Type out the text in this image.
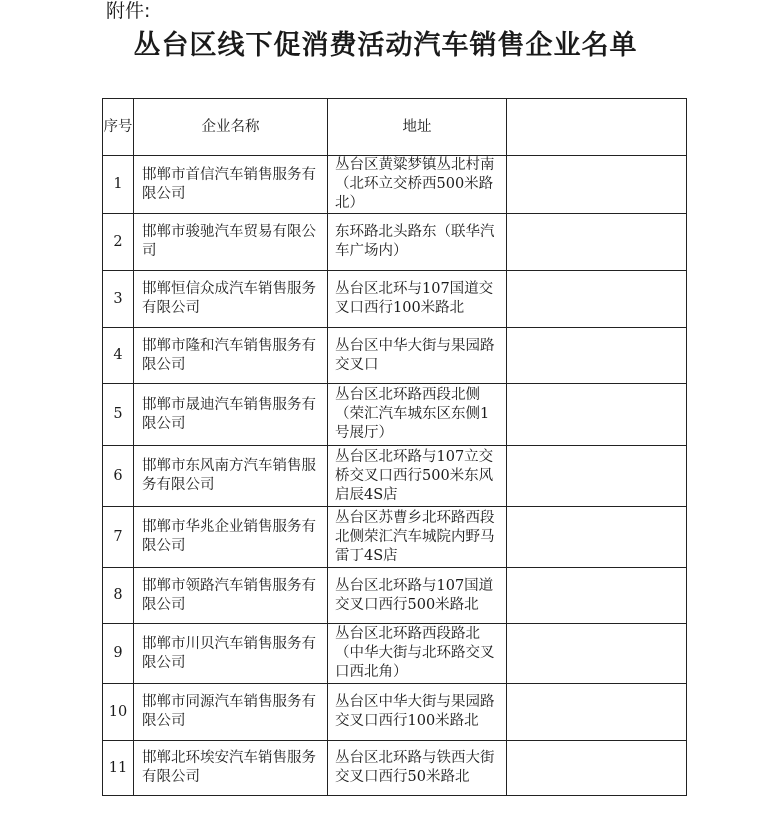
附件:
丛台区线下促消费活动汽车销售企业名单
序号	企业名称	地址	
1	邯郸市首信汽车销售服务有限公司	丛台区黄粱梦镇丛北村南（北环立交桥西500米路北）	
2	邯郸市骏驰汽车贸易有限公司	东环路北头路东（联华汽车广场内）	
3	邯郸恒信众成汽车销售服务有限公司	丛台区北环与107国道交叉口西行100米路北	
4	邯郸市隆和汽车销售服务有限公司	丛台区中华大街与果园路交叉口	
5	邯郸市晟迪汽车销售服务有限公司	丛台区北环路西段北侧（荣汇汽车城东区东侧1号展厅）	
6	邯郸市东风南方汽车销售服务有限公司	丛台区北环路与107立交桥交叉口西行500米东风启辰4S店	
7	邯郸市华兆企业销售服务有限公司	丛台区苏曹乡北环路西段北侧荣汇汽车城院内野马雷丁4S店	
8	邯郸市领路汽车销售服务有限公司	丛台区北环路与107国道交叉口西行500米路北	
9	邯郸市川贝汽车销售服务有限公司	丛台区北环路西段路北（中华大街与北环路交叉口西北角）	
10	邯郸市同源汽车销售服务有限公司	丛台区中华大街与果园路交叉口西行100米路北	
11	邯郸北环埃安汽车销售服务有限公司	丛台区北环路与铁西大街交叉口西行50米路北	
